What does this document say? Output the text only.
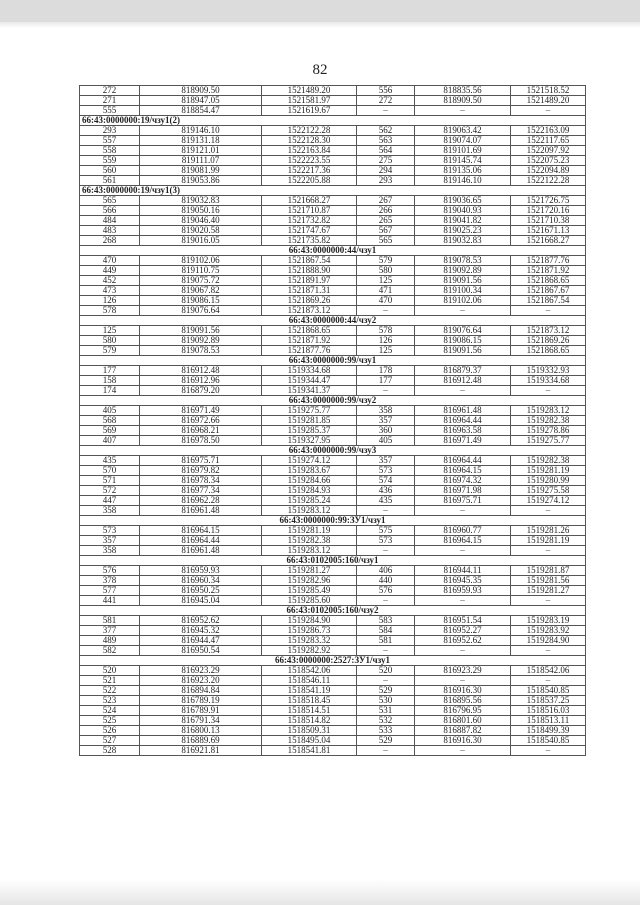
82
272	818909.50	1521489.20	556	818835.56	1521518.52
271	818947.05	1521581.97	272	818909.50	1521489.20
555	818854.47	1521619.67	–	–	–
66:43:0000000:19/чзу1(2)					
293	819146.10	1522122.28	562	819063.42	1522163.09
557	819131.18	1522128.30	563	819074.07	1522117.65
558	819121.01	1522163.84	564	819101.69	1522097.92
559	819111.07	1522223.55	275	819145.74	1522075.23
560	819081.99	1522217.36	294	819135.06	1522094.89
561	819053.86	1522205.88	293	819146.10	1522122.28
66:43:0000000:19/чзу1(3)					
565	819032.83	1521668.27	267	819036.65	1521726.75
566	819050.16	1521710.87	266	819040.93	1521720.16
484	819046.40	1521732.82	265	819041.82	1521710.38
483	819020.58	1521747.67	567	819025.23	1521671.13
268	819016.05	1521735.82	565	819032.83	1521668.27
66:43:0000000:44/чзу1					
470	819102.06	1521867.54	579	819078.53	1521877.76
449	819110.75	1521888.90	580	819092.89	1521871.92
452	819075.72	1521891.97	125	819091.56	1521868.65
473	819067.82	1521871.31	471	819100.34	1521867.67
126	819086.15	1521869.26	470	819102.06	1521867.54
578	819076.64	1521873.12	–	–	–
66:43:0000000:44/чзу2					
125	819091.56	1521868.65	578	819076.64	1521873.12
580	819092.89	1521871.92	126	819086.15	1521869.26
579	819078.53	1521877.76	125	819091.56	1521868.65
66:43:0000000:99/чзу1					
177	816912.48	1519334.68	178	816879.37	1519332.93
158	816912.96	1519344.47	177	816912.48	1519334.68
174	816879.20	1519341.37	–	–	–
66:43:0000000:99/чзу2					
405	816971.49	1519275.77	358	816961.48	1519283.12
568	816972.66	1519281.85	357	816964.44	1519282.38
569	816968.21	1519285.37	360	816963.58	1519278.86
407	816978.50	1519327.95	405	816971.49	1519275.77
66:43:0000000:99/чзу3					
435	816975.71	1519274.12	357	816964.44	1519282.38
570	816979.82	1519283.67	573	816964.15	1519281.19
571	816978.34	1519284.66	574	816974.32	1519280.99
572	816977.34	1519284.93	436	816971.98	1519275.58
447	816962.28	1519285.24	435	816975.71	1519274.12
358	816961.48	1519283.12	–	–	–
66:43:0000000:99:ЗУ1/чзу1					
573	816964.15	1519281.19	575	816960.77	1519281.26
357	816964.44	1519282.38	573	816964.15	1519281.19
358	816961.48	1519283.12	–	–	–
66:43:0102005:160/чзу1					
576	816959.93	1519281.27	406	816944.11	1519281.87
378	816960.34	1519282.96	440	816945.35	1519281.56
577	816950.25	1519285.49	576	816959.93	1519281.27
441	816945.04	1519285.60	–	–	–
66:43:0102005:160/чзу2					
581	816952.62	1519284.90	583	816951.54	1519283.19
377	816945.32	1519286.73	584	816952.27	1519283.92
489	816944.47	1519283.32	581	816952.62	1519284.90
582	816950.54	1519282.92	–	–	–
66:43:0000000:2527:ЗУ1/чзу1					
520	816923.29	1518542.06	520	816923.29	1518542.06
521	816923.20	1518546.11	–	–	–
522	816894.84	1518541.19	529	816916.30	1518540.85
523	816789.19	1518518.45	530	816895.56	1518537.25
524	816789.91	1518514.51	531	816796.95	1518516.03
525	816791.34	1518514.82	532	816801.60	1518513.11
526	816800.13	1518509.31	533	816887.82	1518499.39
527	816889.69	1518495.04	529	816916.30	1518540.85
528	816921.81	1518541.81	–	–	–
